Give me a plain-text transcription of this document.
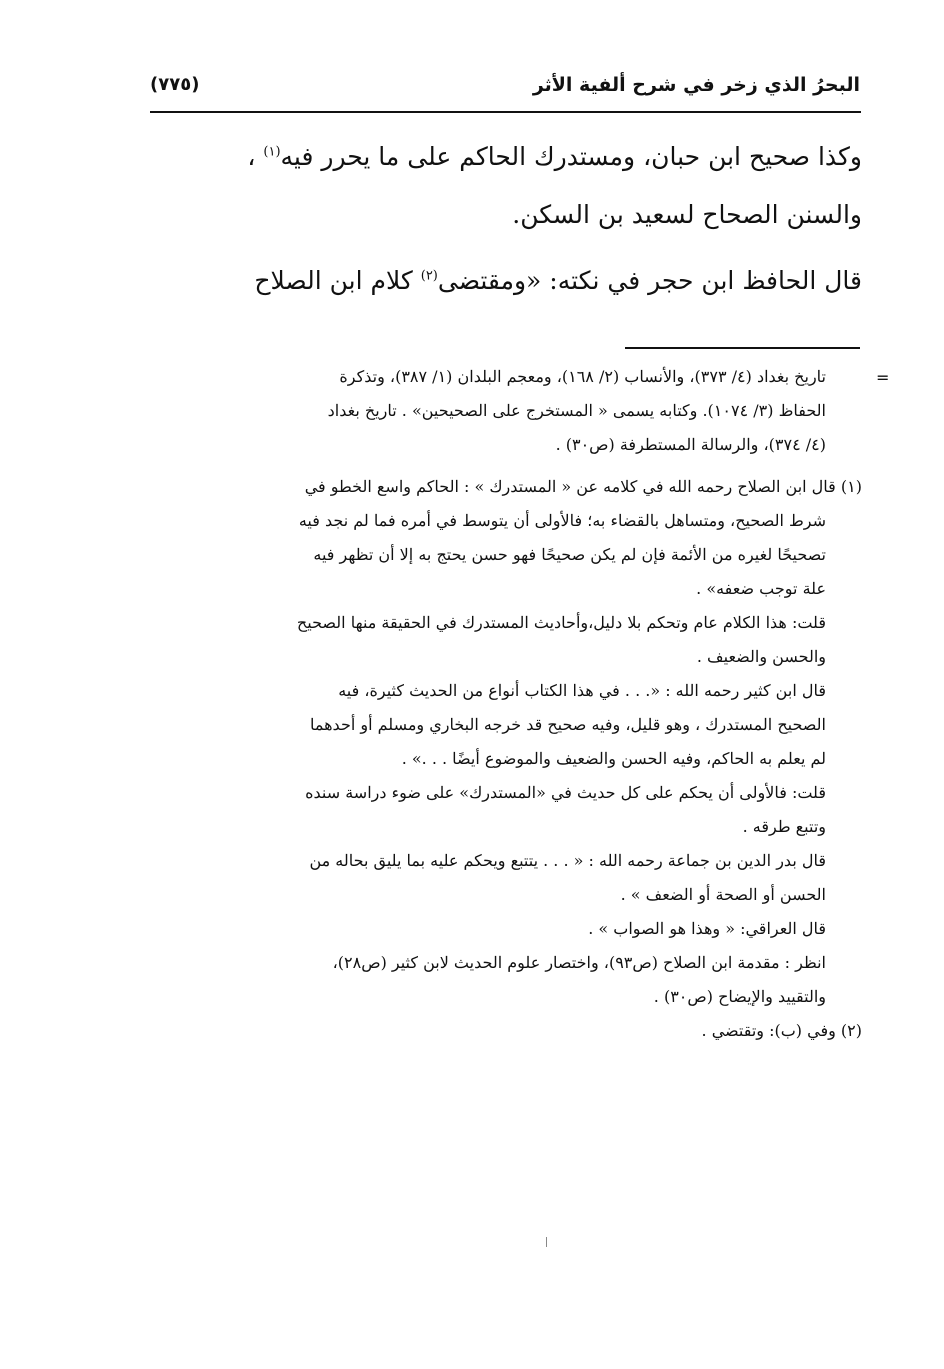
البحرُ الذي زخر في شرح ألفية الأثر
(٧٧٥)

وكذا صحيح ابن حبان، ومستدرك الحاكم على ما يحرر فيه$^{(١)}$ ،
والسنن الصحاح لسعيد بن السكن.

قال الحافظ ابن حجر في نكته: «ومقتضى$^{(٢)}$ كلام ابن الصلاح

=
تاريخ بغداد (٤/ ٣٧٣)، والأنساب (٢/ ١٦٨)، ومعجم البلدان (١/ ٣٨٧)، وتذكرة
الحفاظ (٣/ ١٠٧٤). وكتابه يسمى « المستخرج على الصحيحين» . تاريخ بغداد
(٤/ ٣٧٤)، والرسالة المستطرفة (ص٣٠) .
(١) قال ابن الصلاح رحمه الله في كلامه عن « المستدرك » : الحاكم واسع الخطو في
شرط الصحيح، ومتساهل بالقضاء به؛ فالأولى أن يتوسط في أمره فما لم نجد فيه
تصحيحًا لغيره من الأئمة فإن لم يكن صحيحًا فهو حسن يحتج به إلا أن تظهر فيه
علة توجب ضعفه» .
قلت: هذا الكلام عام وتحكم بلا دليل،وأحاديث المستدرك في الحقيقة منها الصحيح
والحسن والضعيف .
قال ابن كثير رحمه الله : «. . . في هذا الكتاب أنواع من الحديث كثيرة، فيه
الصحيح المستدرك ، وهو قليل، وفيه صحيح قد خرجه البخاري ومسلم أو أحدهما
لم يعلم به الحاكم، وفيه الحسن والضعيف والموضوع أيضًا . . .» .
قلت: فالأولى أن يحكم على كل حديث في «المستدرك» على ضوء دراسة سنده
وتتبع طرقه .
قال بدر الدين بن جماعة رحمه الله : « . . . يتتبع ويحكم عليه بما يليق بحاله من
الحسن أو الصحة أو الضعف » .
قال العراقي: « وهذا هو الصواب » .
انظر : مقدمة ابن الصلاح (ص٩٣)، واختصار علوم الحديث لابن كثير (ص٢٨)،
والتقييد والإيضاح (ص٣٠) .
(٢) وفي (ب): وتقتضي .
